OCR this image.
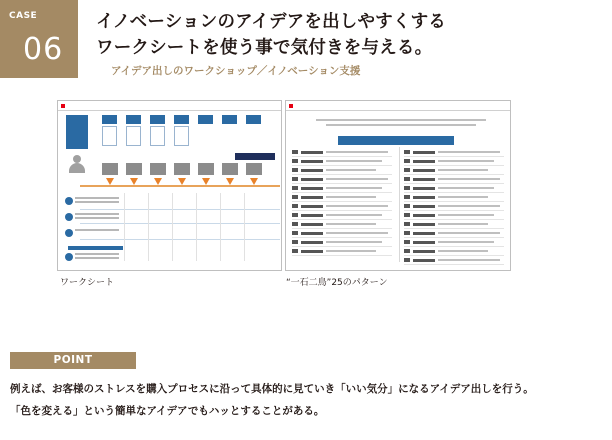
CASE
06
イノベーションのアイデアを出しやすくする
ワークシートを使う事で気付きを与える。
アイデア出しのワークショップ／イノベーション支援
ワークシート	“一石二鳥”25のパターン
POINT
例えば、お客様のストレスを購入プロセスに沿って具体的に見ていき「いい気分」になるアイデア出しを行う。
「色を変える」という簡単なアイデアでもハッとすることがある。
